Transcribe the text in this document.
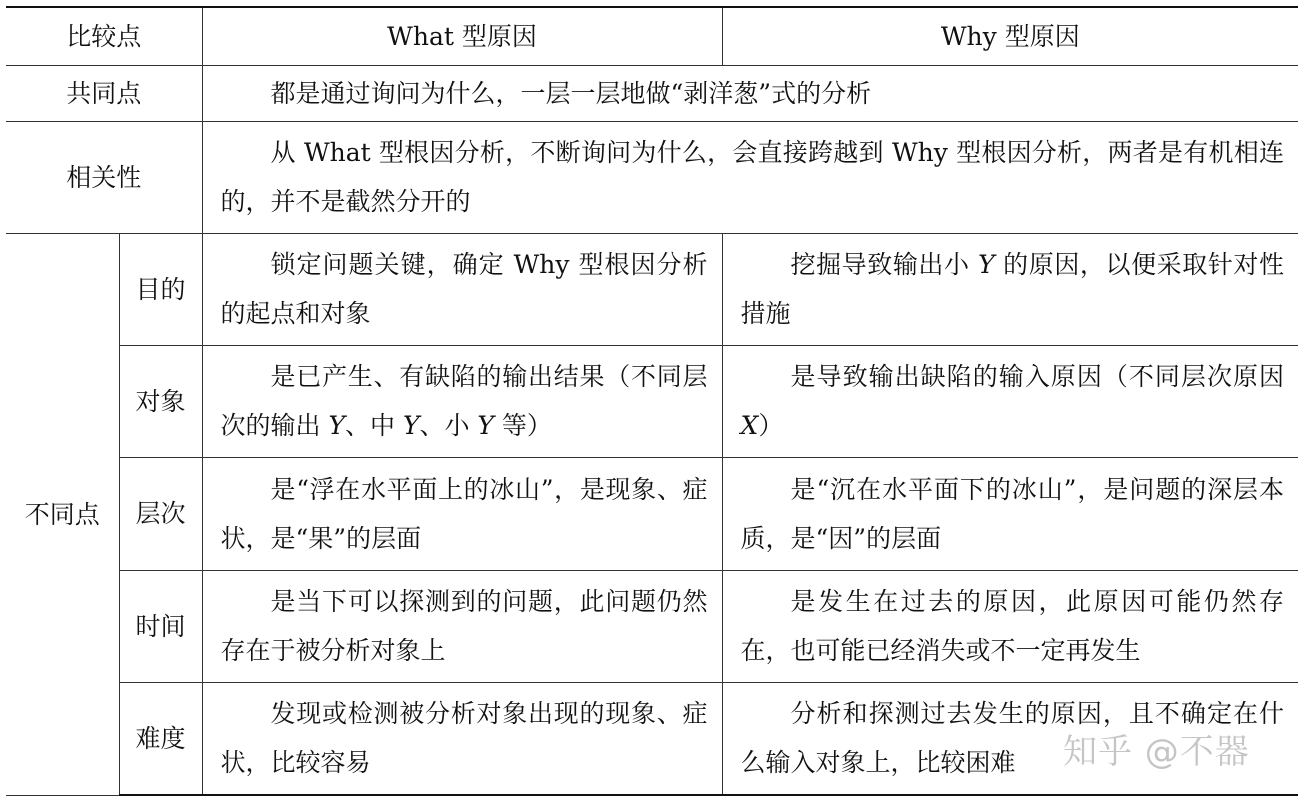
比较点		What 型原因	Why 型原因
共同点		都是通过询问为什么，一层一层地做“剥洋葱”式的分析	
相关性		从 What 型根因分析，不断询问为什么，会直接跨越到 Why 型根因分析，两者是有机相连的，并不是截然分开的	
不同点	目的	锁定问题关键，确定 Why 型根因分析的起点和对象	挖掘导致输出小 Y 的原因，以便采取针对性措施
	对象	是已产生、有缺陷的输出结果（不同层次的输出 Y、中 Y、小 Y 等）	是导致输出缺陷的输入原因（不同层次原因 X）
	层次	是“浮在水平面上的冰山”，是现象、症状，是“果”的层面	是“沉在水平面下的冰山”，是问题的深层本质，是“因”的层面
	时间	是当下可以探测到的问题，此问题仍然存在于被分析对象上	是发生在过去的原因，此原因可能仍然存在，也可能已经消失或不一定再发生
	难度	发现或检测被分析对象出现的现象、症状，比较容易	分析和探测过去发生的原因，且不确定在什么输入对象上，比较困难 知乎 @不器
